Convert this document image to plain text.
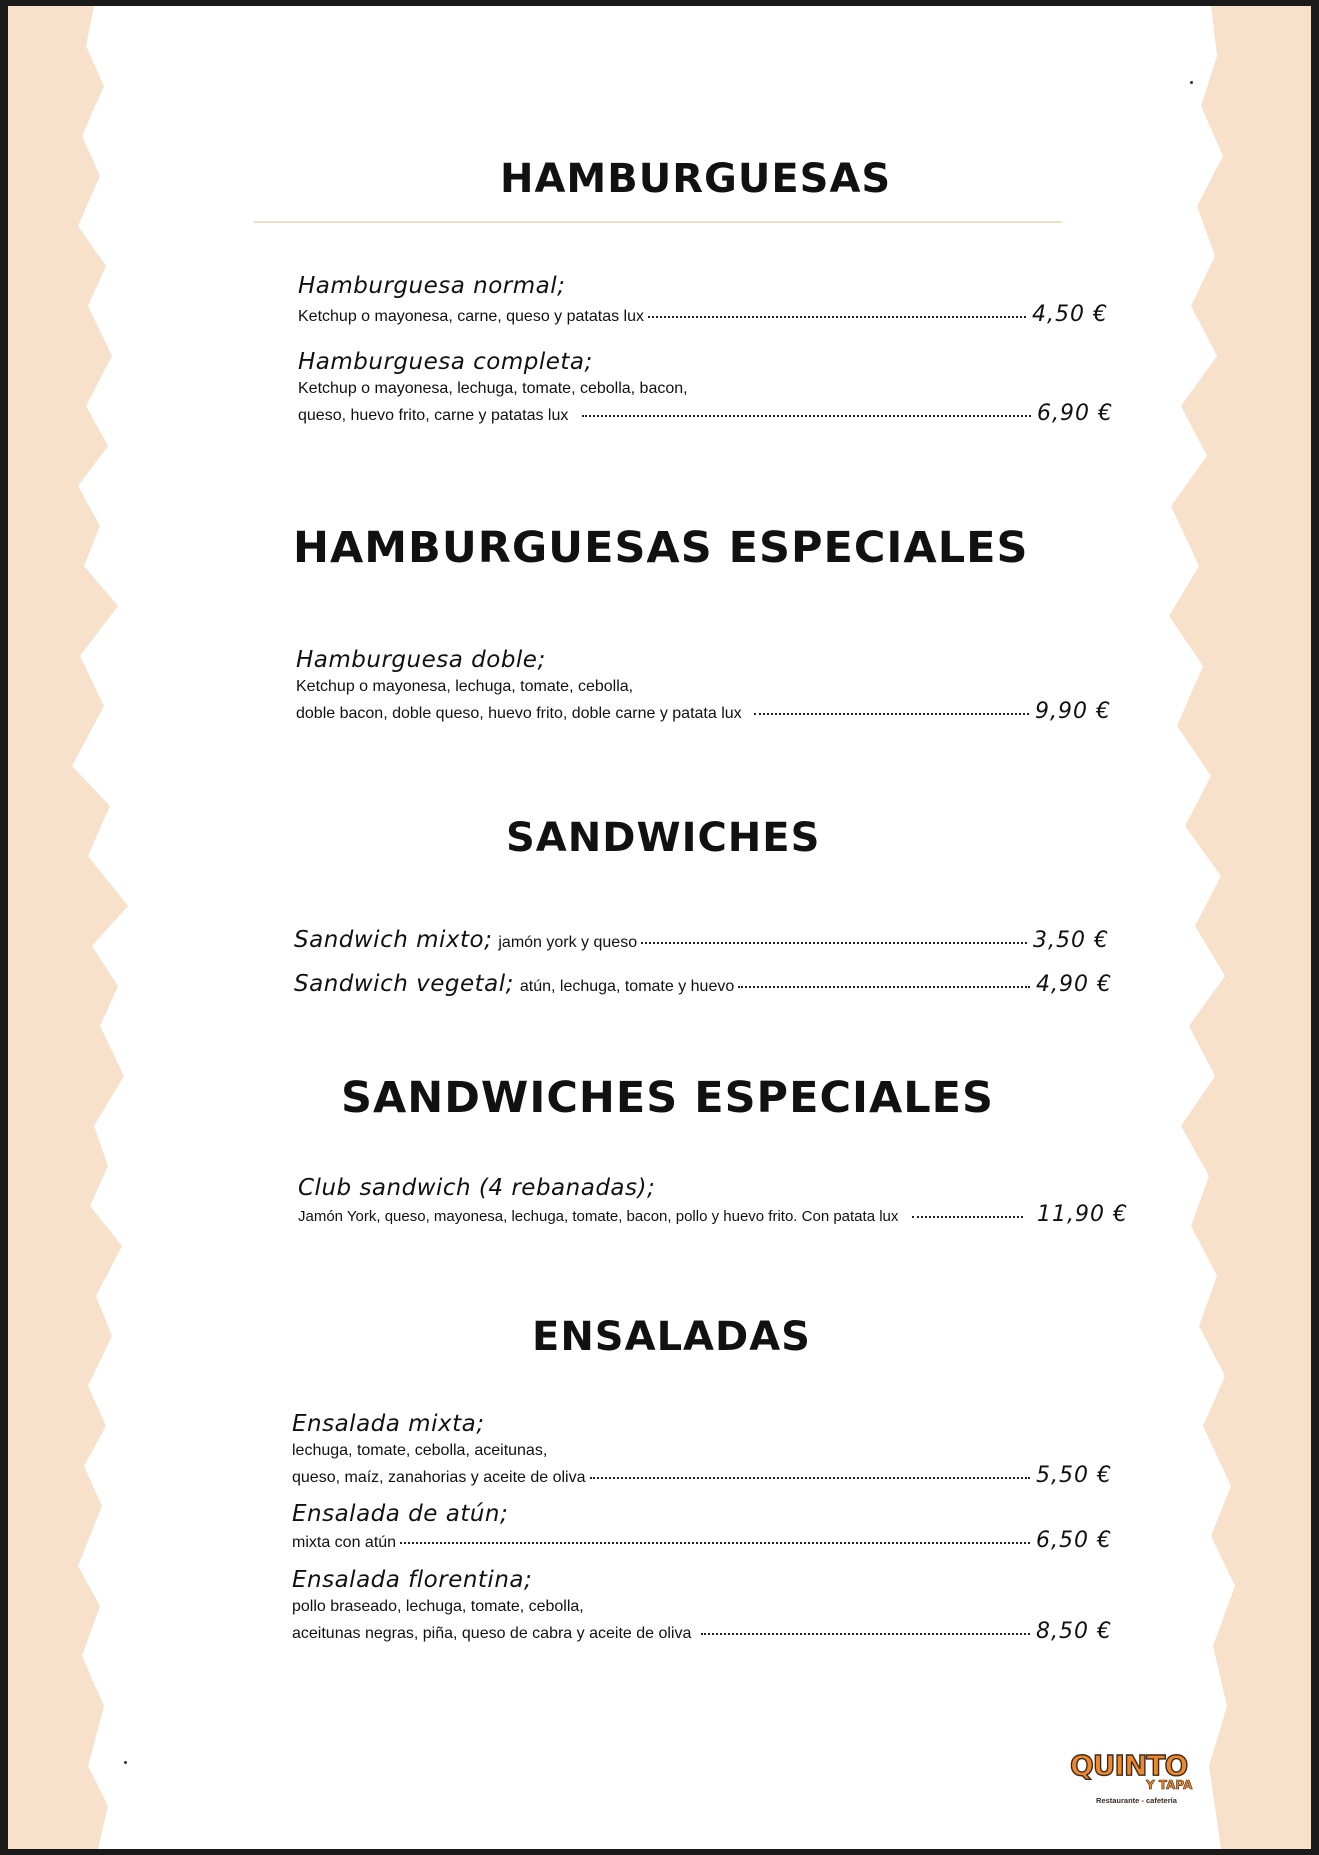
HAMBURGUESAS
Hamburguesa normal;
Ketchup o mayonesa, carne, queso y patatas lux	4,50 €
Hamburguesa completa;
Ketchup o mayonesa, lechuga, tomate, cebolla, bacon,
queso, huevo frito, carne y patatas lux	6,90 €
HAMBURGUESAS ESPECIALES
Hamburguesa doble;
Ketchup o mayonesa, lechuga, tomate, cebolla,
doble bacon, doble queso, huevo frito, doble carne y patata lux	9,90 €
SANDWICHES
Sandwich mixto; jamón york y queso	3,50 €
Sandwich vegetal; atún, lechuga, tomate y huevo	4,90 €
SANDWICHES ESPECIALES
Club sandwich (4 rebanadas);
Jamón York, queso, mayonesa, lechuga, tomate, bacon, pollo y huevo frito. Con patata lux	11,90 €
ENSALADAS
Ensalada mixta;
lechuga, tomate, cebolla, aceitunas,
queso, maíz, zanahorias y aceite de oliva	5,50 €
Ensalada de atún;
mixta con atún	6,50 €
Ensalada florentina;
pollo braseado, lechuga, tomate, cebolla,
aceitunas negras, piña, queso de cabra y aceite de oliva	8,50 €
QUINTO
Y TAPA
Restaurante - cafetería
